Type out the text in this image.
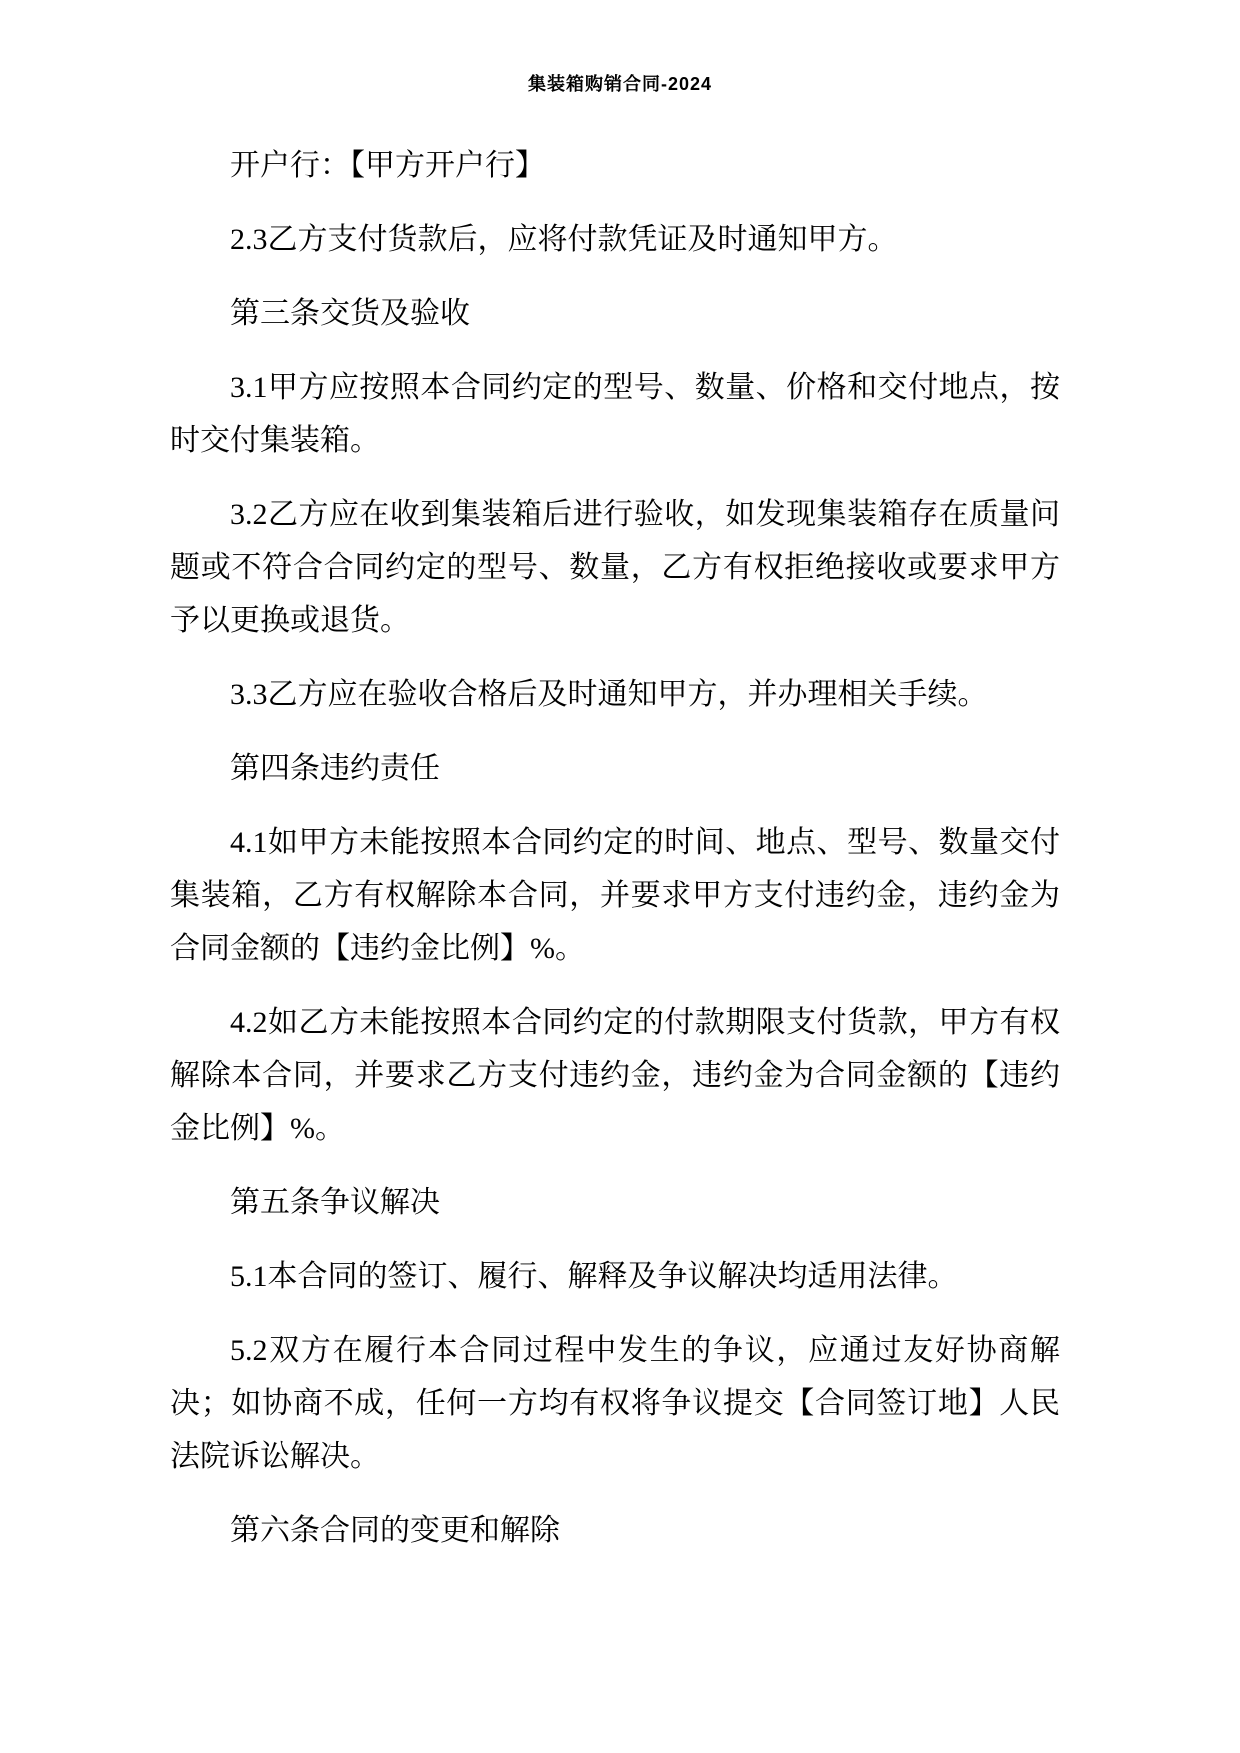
集装箱购销合同-2024

开户行：【甲方开户行】

2.3乙方支付货款后，应将付款凭证及时通知甲方。

第三条交货及验收

3.1甲方应按照本合同约定的型号、数量、价格和交付地点，按时交付集装箱。

3.2乙方应在收到集装箱后进行验收，如发现集装箱存在质量问题或不符合合同约定的型号、数量，乙方有权拒绝接收或要求甲方予以更换或退货。

3.3乙方应在验收合格后及时通知甲方，并办理相关手续。

第四条违约责任

4.1如甲方未能按照本合同约定的时间、地点、型号、数量交付集装箱，乙方有权解除本合同，并要求甲方支付违约金，违约金为合同金额的【违约金比例】%。

4.2如乙方未能按照本合同约定的付款期限支付货款，甲方有权解除本合同，并要求乙方支付违约金，违约金为合同金额的【违约金比例】%。

第五条争议解决

5.1本合同的签订、履行、解释及争议解决均适用法律。

5.2双方在履行本合同过程中发生的争议，应通过友好协商解决；如协商不成，任何一方均有权将争议提交【合同签订地】人民法院诉讼解决。

第六条合同的变更和解除
